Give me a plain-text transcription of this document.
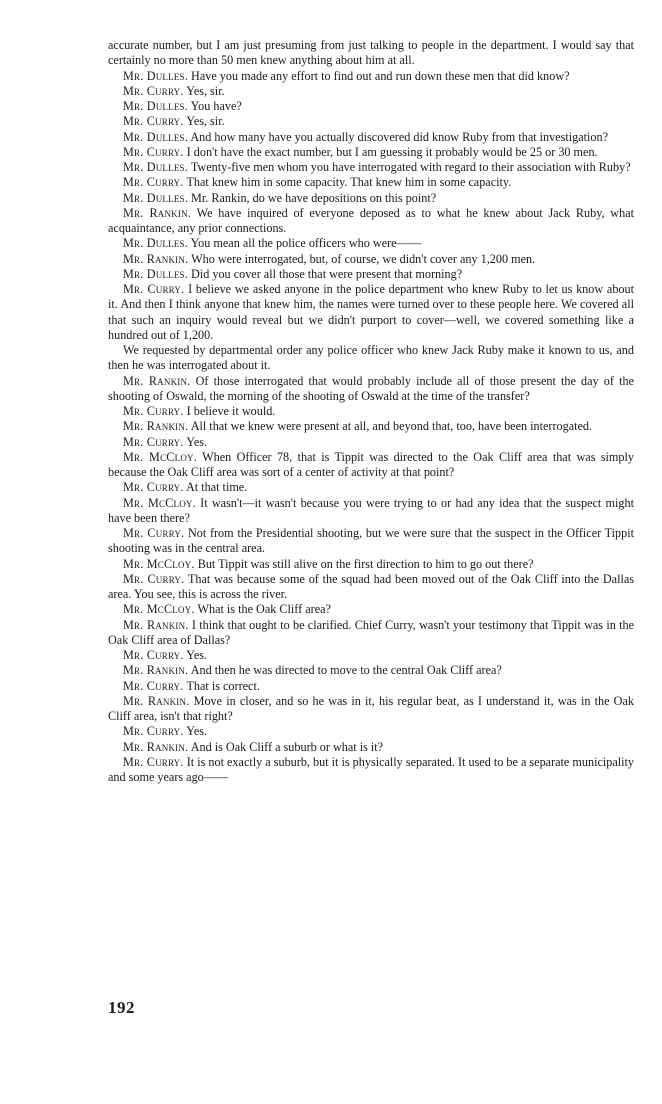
accurate number, but I am just presuming from just talking to people in the department. I would say that certainly no more than 50 men knew anything about him at all.

Mr. Dulles. Have you made any effort to find out and run down these men that did know?

Mr. Curry. Yes, sir.

Mr. Dulles. You have?

Mr. Curry. Yes, sir.

Mr. Dulles. And how many have you actually discovered did know Ruby from that investigation?

Mr. Curry. I don't have the exact number, but I am guessing it probably would be 25 or 30 men.

Mr. Dulles. Twenty-five men whom you have interrogated with regard to their association with Ruby?

Mr. Curry. That knew him in some capacity. That knew him in some capacity.

Mr. Dulles. Mr. Rankin, do we have depositions on this point?

Mr. Rankin. We have inquired of everyone deposed as to what he knew about Jack Ruby, what acquaintance, any prior connections.

Mr. Dulles. You mean all the police officers who were——

Mr. Rankin. Who were interrogated, but, of course, we didn't cover any 1,200 men.

Mr. Dulles. Did you cover all those that were present that morning?

Mr. Curry. I believe we asked anyone in the police department who knew Ruby to let us know about it. And then I think anyone that knew him, the names were turned over to these people here. We covered all that such an inquiry would reveal but we didn't purport to cover—well, we covered something like a hundred out of 1,200.

We requested by departmental order any police officer who knew Jack Ruby make it known to us, and then he was interrogated about it.

Mr. Rankin. Of those interrogated that would probably include all of those present the day of the shooting of Oswald, the morning of the shooting of Oswald at the time of the transfer?

Mr. Curry. I believe it would.

Mr. Rankin. All that we knew were present at all, and beyond that, too, have been interrogated.

Mr. Curry. Yes.

Mr. McCloy. When Officer 78, that is Tippit was directed to the Oak Cliff area that was simply because the Oak Cliff area was sort of a center of activity at that point?

Mr. Curry. At that time.

Mr. McCloy. It wasn't—it wasn't because you were trying to or had any idea that the suspect might have been there?

Mr. Curry. Not from the Presidential shooting, but we were sure that the suspect in the Officer Tippit shooting was in the central area.

Mr. McCloy. But Tippit was still alive on the first direction to him to go out there?

Mr. Curry. That was because some of the squad had been moved out of the Oak Cliff into the Dallas area. You see, this is across the river.

Mr. McCloy. What is the Oak Cliff area?

Mr. Rankin. I think that ought to be clarified. Chief Curry, wasn't your testimony that Tippit was in the Oak Cliff area of Dallas?

Mr. Curry. Yes.

Mr. Rankin. And then he was directed to move to the central Oak Cliff area?

Mr. Curry. That is correct.

Mr. Rankin. Move in closer, and so he was in it, his regular beat, as I understand it, was in the Oak Cliff area, isn't that right?

Mr. Curry. Yes.

Mr. Rankin. And is Oak Cliff a suburb or what is it?

Mr. Curry. It is not exactly a suburb, but it is physically separated. It used to be a separate municipality and some years ago——

192
